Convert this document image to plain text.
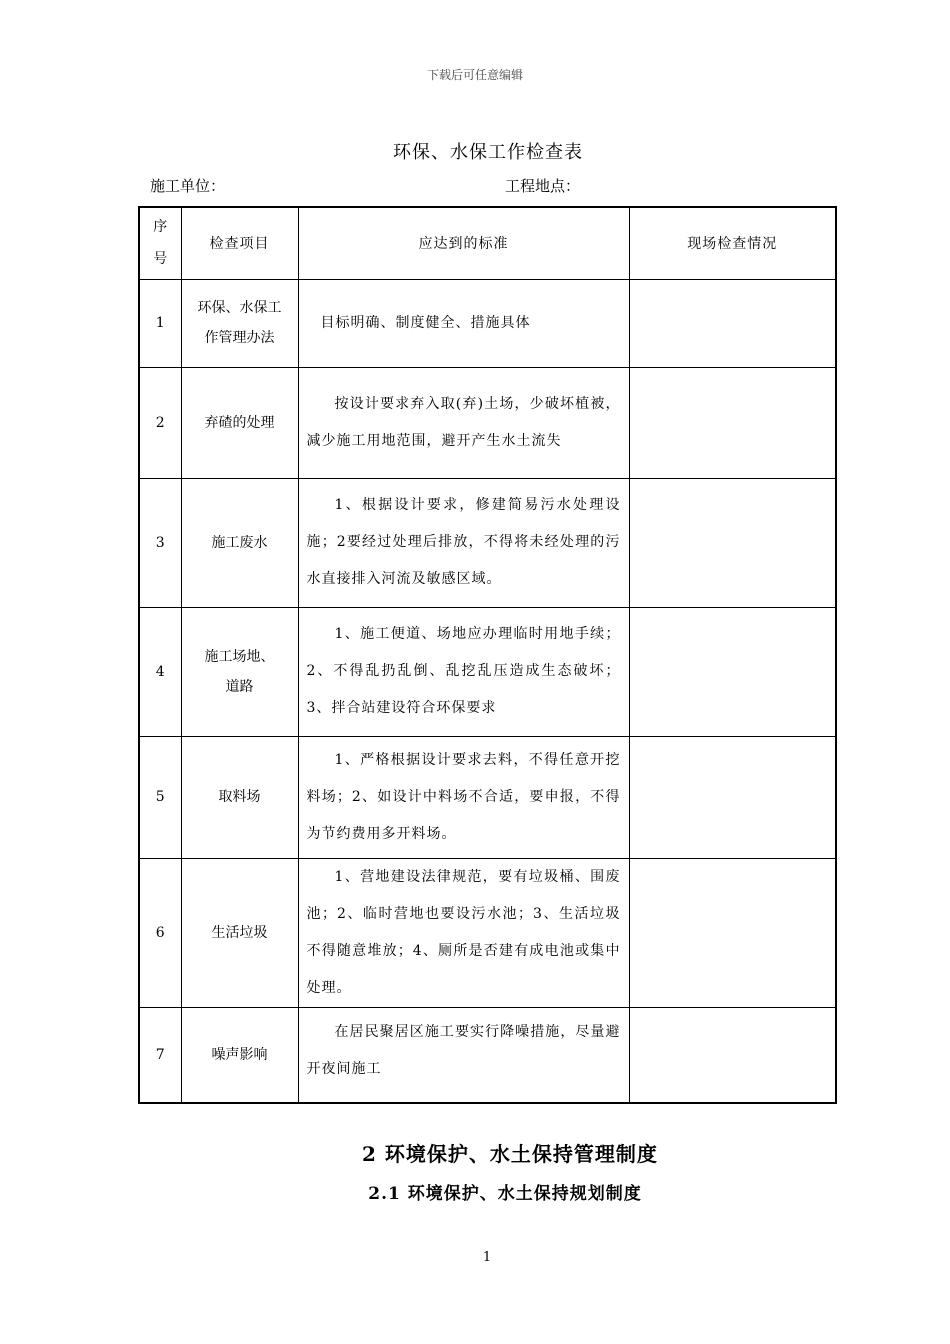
下载后可任意编辑
环保、水保工作检查表
施工单位：	工程地点：
序号	检查项目	应达到的标准	现场检查情况
1	环保、水保工作管理办法	目标明确、制度健全、措施具体	

2	弃碴的处理	按设计要求弃入取(弃)土场，少破坏植被，减少施工用地范围，避开产生水土流失	

3	施工废水	1、根据设计要求，修建简易污水处理设施；2要经过处理后排放，不得将未经处理的污水直接排入河流及敏感区域。	

4	施工场地、道路	1、施工便道、场地应办理临时用地手续；2、不得乱扔乱倒、乱挖乱压造成生态破坏；3、拌合站建设符合环保要求	

5	取料场	1、严格根据设计要求去料，不得任意开挖料场；2、如设计中料场不合适，要申报，不得为节约费用多开料场。	

6	生活垃圾	1、营地建设法律规范，要有垃圾桶、围废池；2、临时营地也要设污水池；3、生活垃圾不得随意堆放；4、厕所是否建有成电池或集中处理。	

7	噪声影响	在居民聚居区施工要实行降噪措施，尽量避开夜间施工	

2 环境保护、水土保持管理制度
2.1 环境保护、水土保持规划制度
1
